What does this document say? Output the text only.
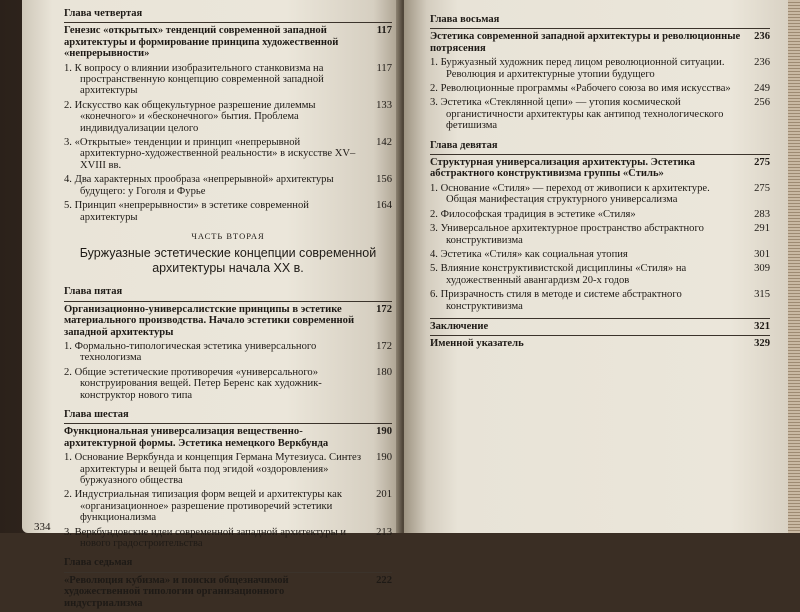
Глава четвертая
Генезис «открытых» тенденций современной западной архитектуры и формирование принципа художественной «непрерывности»
117
1. К вопросу о влиянии изобразительного станковизма на пространственную концепцию современной западной архитектуры
117
2. Искусство как общекультурное разрешение дилеммы «конечного» и «бесконечного» бытия. Проблема индивидуализации целого
133
3. «Открытые» тенденции и принцип «непрерывной архитектурно-художественной реальности» в искусстве XV–XVIII вв.
142
4. Два характерных прообраза «непрерывной» архитектуры будущего: у Гоголя и Фурье
156
5. Принцип «непрерывности» в эстетике современной архитектуры
164
ЧАСТЬ ВТОРАЯ
Буржуазные эстетические концепции современной архитектуры начала XX в.
Глава пятая
Организационно-универсалистские принципы в эстетике материального производства. Начало эстетики современной западной архитектуры
172
1. Формально-типологическая эстетика универсального технологизма
172
2. Общие эстетические противоречия «универсального» конструирования вещей. Петер Беренс как художник-конструктор нового типа
180
Глава шестая
Функциональная универсализация вещественно-архитектурной формы. Эстетика немецкого Веркбунда
190
1. Основание Веркбунда и концепция Германа Мутезиуса. Синтез архитектуры и вещей быта под эгидой «оздоровления» буржуазного общества
190
2. Индустриальная типизация форм вещей и архитектуры как «организационное» разрешение противоречий эстетики функционализма
201
3. Веркбундовские идеи современной западной архитектуры и нового градостроительства
213
Глава седьмая
«Революция кубизма» и поиски общезначимой художественной типологии организационного индустриализма
222
334
Глава восьмая
Эстетика современной западной архитектуры и революционные потрясения
236
1. Буржуазный художник перед лицом революционной ситуации. Революция и архитектурные утопии будущего
236
2. Революционные программы «Рабочего союза во имя искусства»	249
3. Эстетика «Стеклянной цепи» — утопия космической органистичности архитектуры как антипод технологического фетишизма
256
Глава девятая
Структурная универсализация архитектуры. Эстетика абстрактного конструктивизма группы «Стиль»
275
1. Основание «Стиля» — переход от живописи к архитектуре. Общая манифестация структурного универсализма
275
2. Философская традиция в эстетике «Стиля»	283
3. Универсальное архитектурное пространство абстрактного конструктивизма
291
4. Эстетика «Стиля» как социальная утопия	301
5. Влияние конструктивистской дисциплины «Стиля» на художественный авангардизм 20-х годов
309
6. Призрачность стиля в методе и системе абстрактного конструктивизма
315
Заключение	321
Именной указатель	329
